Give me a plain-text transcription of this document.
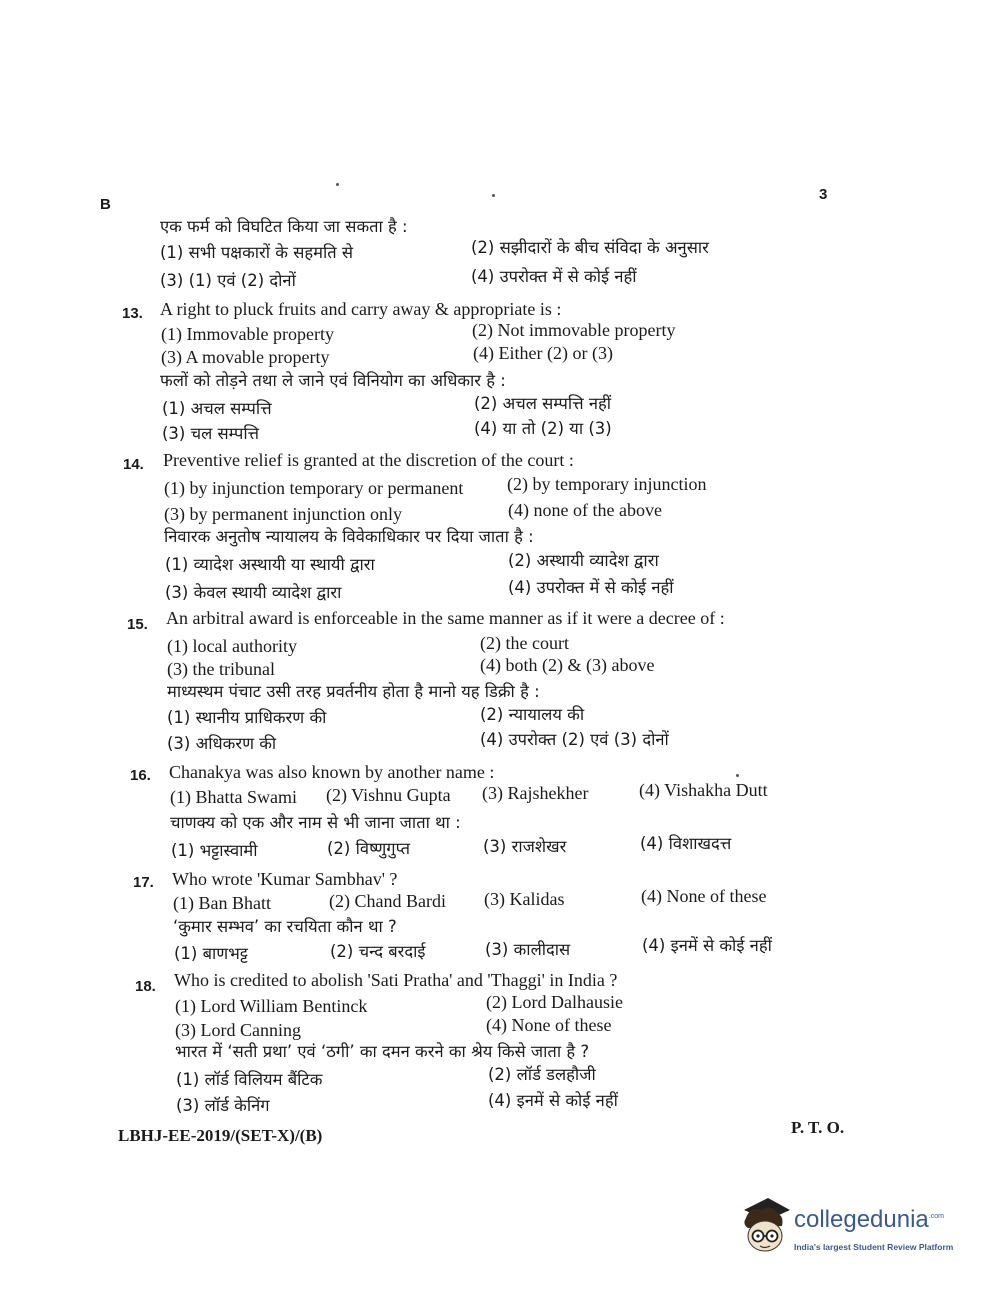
B
3
एक फर्म को विघटित किया जा सकता है :
(1) सभी पक्षकारों के सहमति से	(2) सझीदारों के बीच संविदा के अनुसार
(3) (1) एवं (2) दोनों	(4) उपरोक्त में से कोई नहीं
13. A right to pluck fruits and carry away & appropriate is :
(1) Immovable property	(2) Not immovable property
(3) A movable property	(4) Either (2) or (3)
फलों को तोड़ने तथा ले जाने एवं विनियोग का अधिकार है :
(1) अचल सम्पत्ति	(2) अचल सम्पत्ति नहीं
(3) चल सम्पत्ति	(4) या तो (2) या (3)
14. Preventive relief is granted at the discretion of the court :
(1) by injunction temporary or permanent (2) by temporary injunction
(3) by permanent injunction only	(4) none of the above
निवारक अनुतोष न्यायालय के विवेकाधिकार पर दिया जाता है :
(1) व्यादेश अस्थायी या स्थायी द्वारा	(2) अस्थायी व्यादेश द्वारा
(3) केवल स्थायी व्यादेश द्वारा	(4) उपरोक्त में से कोई नहीं
15. An arbitral award is enforceable in the same manner as if it were a decree of :
(1) local authority	(2) the court
(3) the tribunal	(4) both (2) & (3) above
माध्यस्थम पंचाट उसी तरह प्रवर्तनीय होता है मानो यह डिक्री है :
(1) स्थानीय प्राधिकरण की	(2) न्यायालय की
(3) अधिकरण की	(4) उपरोक्त (2) एवं (3) दोनों
16. Chanakya was also known by another name :
(1) Bhatta Swami (2) Vishnu Gupta (3) Rajshekher	(4) Vishakha Dutt
चाणक्य को एक और नाम से भी जाना जाता था :
(1) भट्टास्वामी	(2) विष्णुगुप्त	(3) राजशेखर	(4) विशाखदत्त
17. Who wrote 'Kumar Sambhav' ?
(1) Ban Bhatt	(2) Chand Bardi (3) Kalidas	(4) None of these
‘कुमार सम्भव’ का रचयिता कौन था ?
(1) बाणभट्ट	(2) चन्द बरदाई	(3) कालीदास	(4) इनमें से कोई नहीं
18. Who is credited to abolish 'Sati Pratha' and 'Thaggi' in India ?
(1) Lord William Bentinck	(2) Lord Dalhausie
(3) Lord Canning	(4) None of these
भारत में ‘सती प्रथा’ एवं ‘ठगी’ का दमन करने का श्रेय किसे जाता है ?
(1) लॉर्ड विलियम बैंटिक	(2) लॉर्ड डलहौजी
(3) लॉर्ड केनिंग	(4) इनमें से कोई नहीं
LBHJ-EE-2019/(SET-X)/(B)	P. T. O.
collegedunia$^{.com}$
India's largest Student Review Platform
